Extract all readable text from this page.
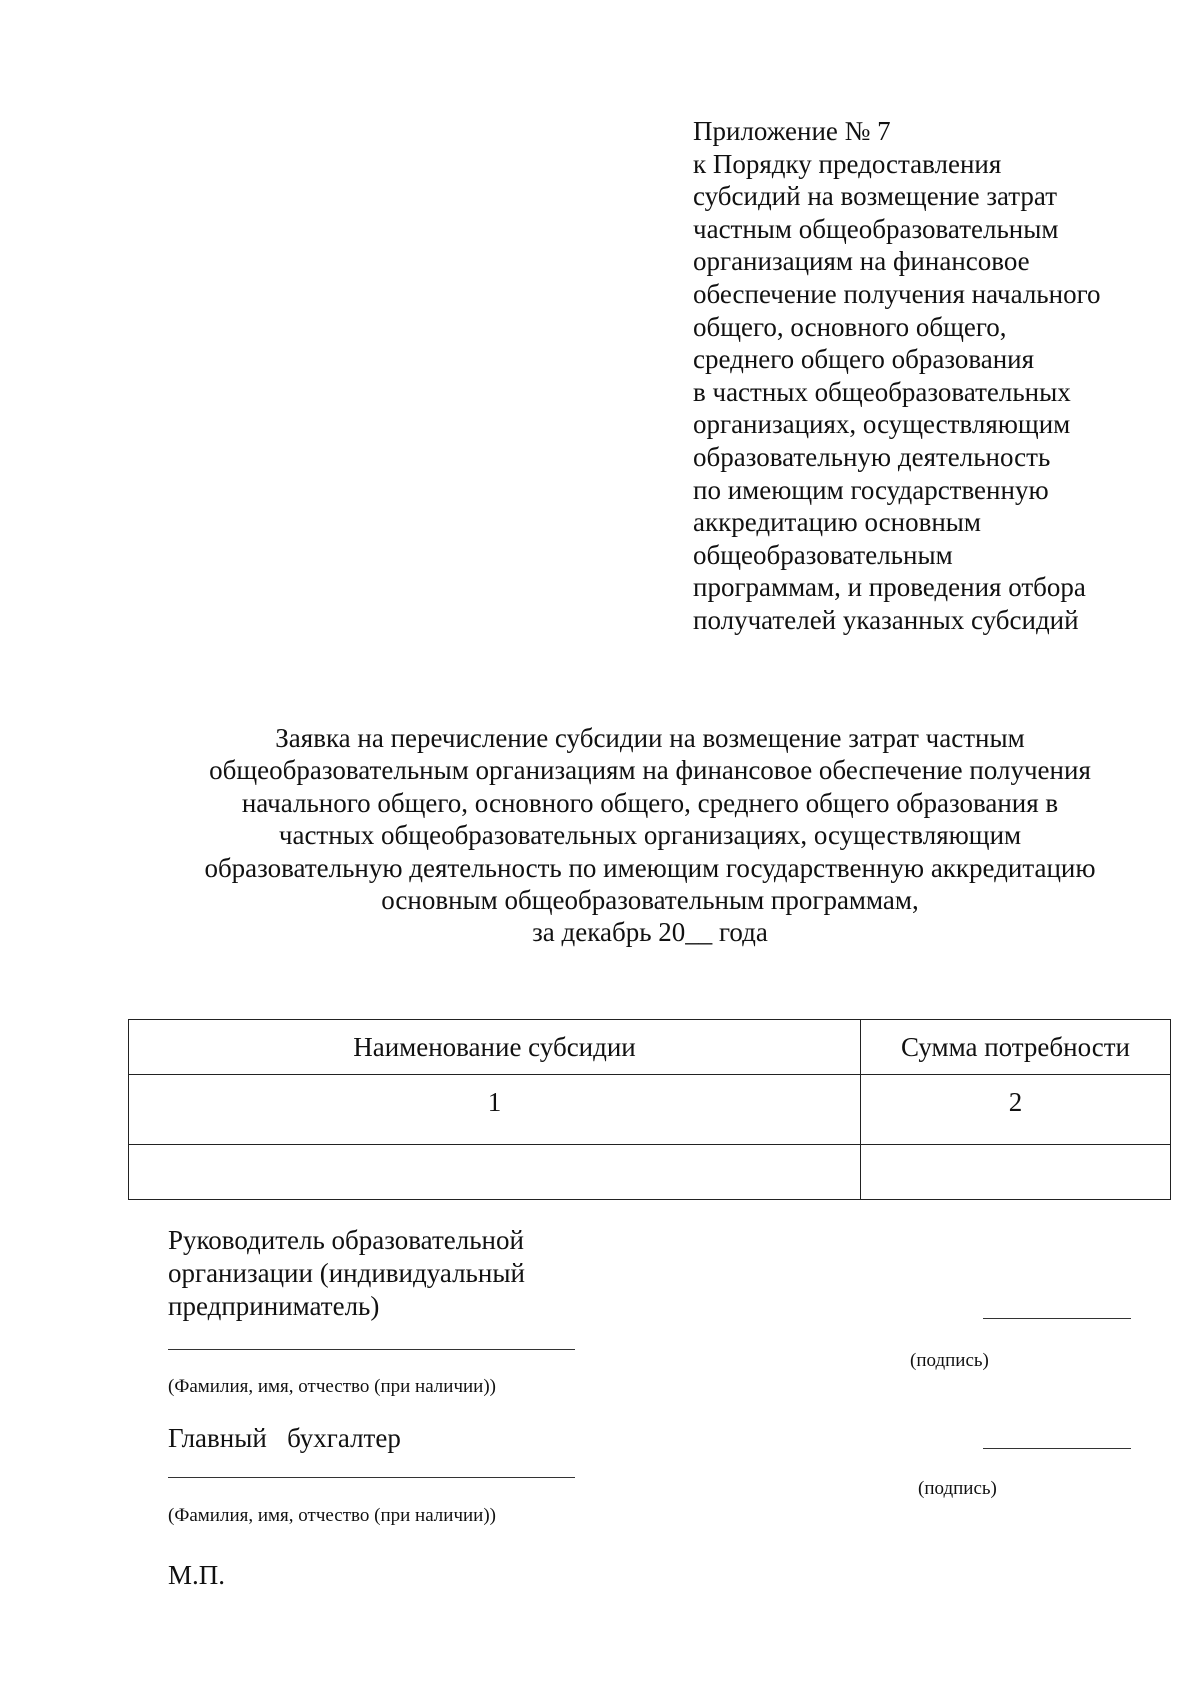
Приложение № 7
к Порядку предоставления
субсидий на возмещение затрат
частным общеобразовательным
организациям на финансовое
обеспечение получения начального
общего, основного общего,
среднего общего образования
в частных общеобразовательных
организациях, осуществляющим
образовательную деятельность
по имеющим государственную
аккредитацию основным
общеобразовательным
программам, и проведения отбора
получателей указанных субсидий
Заявка на перечисление субсидии на возмещение затрат частным
общеобразовательным организациям на финансовое обеспечение получения
начального общего, основного общего, среднего общего образования в
частных общеобразовательных организациях, осуществляющим
образовательную деятельность по имеющим государственную аккредитацию
основным общеобразовательным программам,
за декабрь 20__ года
Наименование субсидии	Сумма потребности
1	2

Руководитель образовательной
организации (индивидуальный
предприниматель)
(подпись)
(Фамилия, имя, отчество (при наличии))
Главный   бухгалтер
(подпись)
(Фамилия, имя, отчество (при наличии))
М.П.
